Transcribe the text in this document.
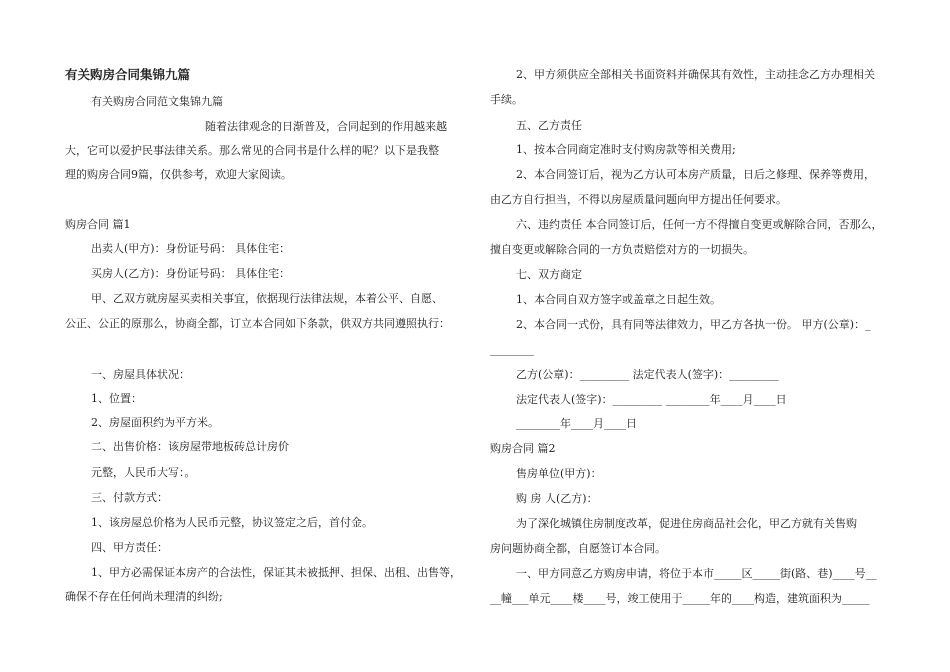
有关购房合同集锦九篇
有关购房合同范文集锦九篇
随着法律观念的日渐普及，合同起到的作用越来越
大，它可以爱护民事法律关系。那么常见的合同书是什么样的呢？以下是我整
理的购房合同9篇，仅供参考，欢迎大家阅读。
购房合同 篇1
出卖人(甲方)：身份证号码： 具体住宅：
买房人(乙方)：身份证号码： 具体住宅：
甲、乙双方就房屋买卖相关事宜，依据现行法律法规，本着公平、自愿、
公正、公正的原那么，协商全都，订立本合同如下条款，供双方共同遵照执行：
一、房屋具体状况：
1、位置：
2、房屋面积约为平方米。
二、出售价格：该房屋带地板砖总计房价
元整，人民币大写：。
三、付款方式：
1、该房屋总价格为人民币元整，协议签定之后，首付金。
四、甲方责任：
1、甲方必需保证本房产的合法性，保证其未被抵押、担保、出租、出售等，
确保不存在任何尚未理清的纠纷;
2、甲方须供应全部相关书面资料并确保其有效性，主动挂念乙方办理相关
手续。
五、乙方责任
1、按本合同商定准时支付购房款等相关费用;
2、本合同签订后，视为乙方认可本房产质量，日后之修理、保养等费用，
由乙方自行担当，不得以房屋质量问题向甲方提出任何要求。
六、违约责任 本合同签订后，任何一方不得擅自变更或解除合同，否那么，
擅自变更或解除合同的一方负责赔偿对方的一切损失。
七、双方商定
1、本合同自双方签字或盖章之日起生效。
2、本合同一式份，具有同等法律效力，甲乙方各执一份。 甲方(公章)：_
________
乙方(公章)：_________ 法定代表人(签字)：_________
法定代表人(签字)：_________ ________年____月____日
________年____月____日
购房合同 篇2
售房单位(甲方)：
购 房 人(乙方)：
为了深化城镇住房制度改革，促进住房商品社会化，甲乙方就有关售购
房问题协商全都，自愿签订本合同。
一、甲方同意乙方购房申请，将位于本市_____区_____街(路、巷)____号__
__幢___单元____楼____号，竣工使用于_____年的____构造，建筑面积为_____
